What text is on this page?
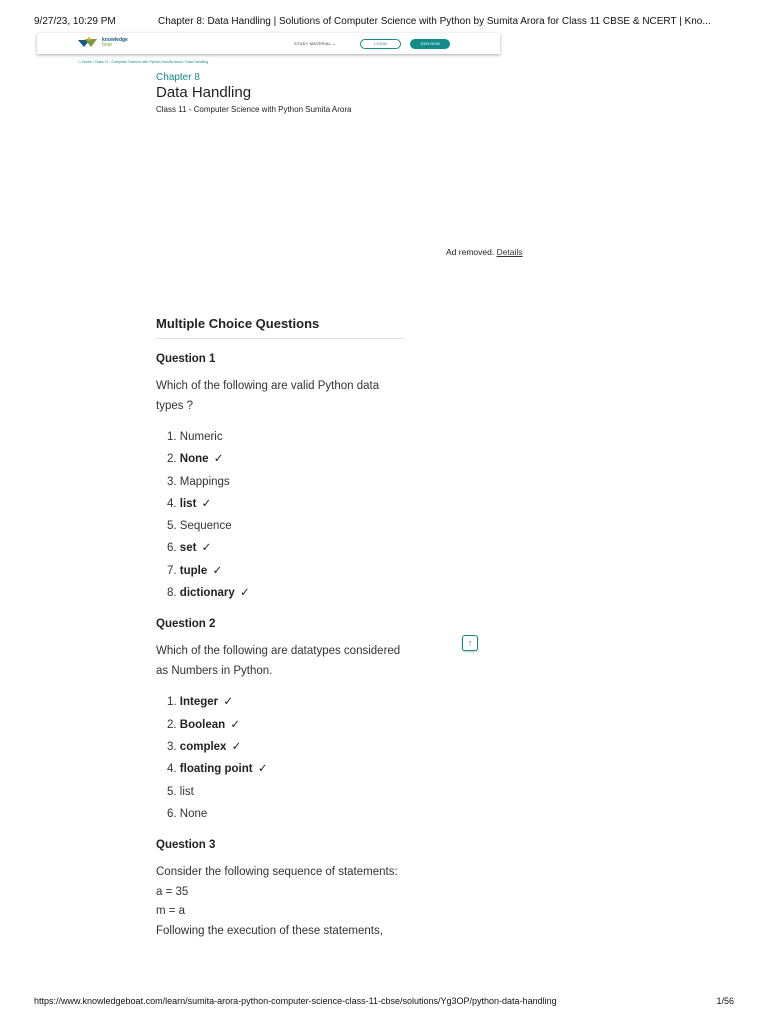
9/27/23, 10:29 PM	Chapter 8: Data Handling | Solutions of Computer Science with Python by Sumita Arora for Class 11 CBSE & NCERT | Kno...
knowledge
boat	STUDY MATERIAL ⌄	LOGIN	JOIN NOW
⌂ Home / Class 11 - Computer Science with Python Sumita Arora / Data Handling
Chapter 8
Data Handling
Class 11 - Computer Science with Python Sumita Arora
Ad removed. Details
Multiple Choice Questions
Question 1

Which of the following are valid Python data types ?

1. Numeric
2. None ✓
3. Mappings
4. list ✓
5. Sequence
6. set ✓
7. tuple ✓
8. dictionary ✓
Question 2

Which of the following are datatypes considered as Numbers in Python.

1. Integer ✓
2. Boolean ✓
3. complex ✓
4. floating point ✓
5. list
6. None
Question 3

Consider the following sequence of statements:

a = 35
m = a
Following the execution of these statements,
↑
https://www.knowledgeboat.com/learn/sumita-arora-python-computer-science-class-11-cbse/solutions/Yg3OP/python-data-handling	1/56
